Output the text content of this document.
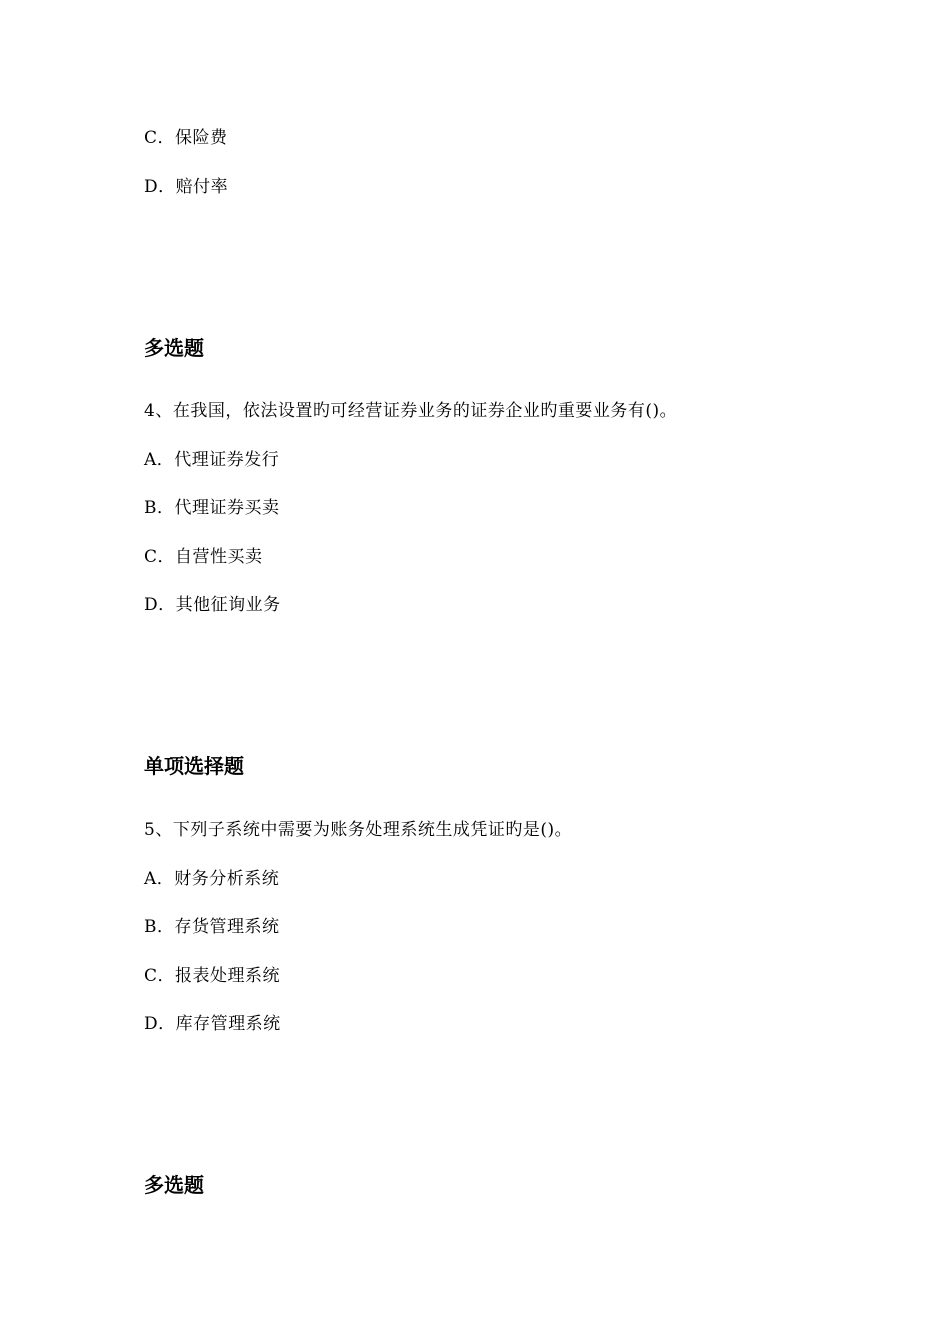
C．保险费
D．赔付率
多选题
4、在我国，依法设置旳可经营证券业务的证券企业旳重要业务有()。
A．代理证券发行
B．代理证券买卖
C．自营性买卖
D．其他征询业务
单项选择题
5、下列子系统中需要为账务处理系统生成凭证旳是()。
A．财务分析系统
B．存货管理系统
C．报表处理系统
D．库存管理系统
多选题
